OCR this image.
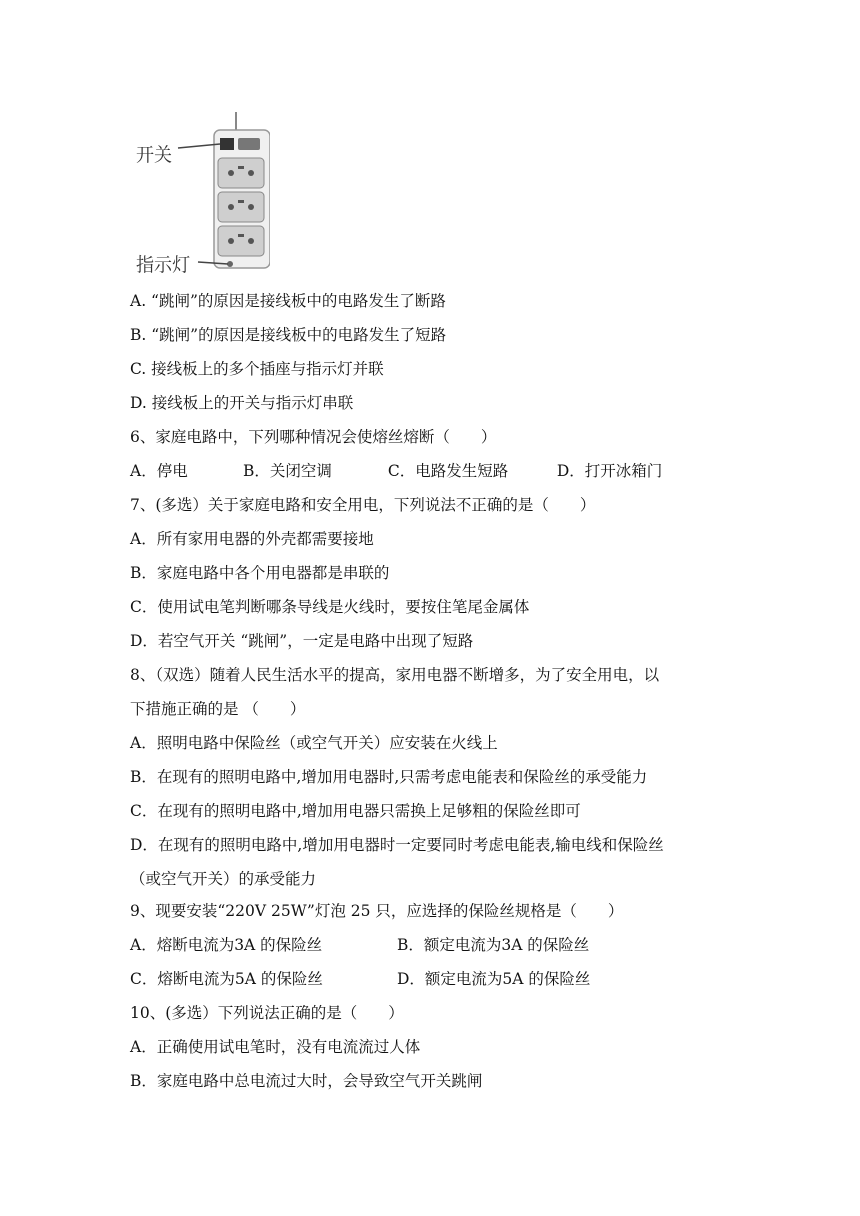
开关
指示灯
A. “跳闸”的原因是接线板中的电路发生了断路
B. “跳闸”的原因是接线板中的电路发生了短路
C. 接线板上的多个插座与指示灯并联
D. 接线板上的开关与指示灯串联
6、家庭电路中，下列哪种情况会使熔丝熔断（　　）
A．停电	B．关闭空调	C．电路发生短路	D．打开冰箱门
7、(多选）关于家庭电路和安全用电，下列说法不正确的是（　　）
A．所有家用电器的外壳都需要接地
B．家庭电路中各个用电器都是串联的
C．使用试电笔判断哪条导线是火线时，要按住笔尾金属体
D．若空气开关 “跳闸”，一定是电路中出现了短路
8、（双选）随着人民生活水平的提高，家用电器不断增多，为了安全用电，以
下措施正确的是 （　　）
A．照明电路中保险丝（或空气开关）应安装在火线上
B．在现有的照明电路中,增加用电器时,只需考虑电能表和保险丝的承受能力
C．在现有的照明电路中,增加用电器只需换上足够粗的保险丝即可
D．在现有的照明电路中,增加用电器时一定要同时考虑电能表,输电线和保险丝
（或空气开关）的承受能力
9、现要安装“220V 25W”灯泡 25 只，应选择的保险丝规格是（　　）
A．熔断电流为3A 的保险丝	B．额定电流为3A 的保险丝
C．熔断电流为5A 的保险丝	D．额定电流为5A 的保险丝
10、(多选）下列说法正确的是（　　）
A．正确使用试电笔时，没有电流流过人体
B．家庭电路中总电流过大时，会导致空气开关跳闸
